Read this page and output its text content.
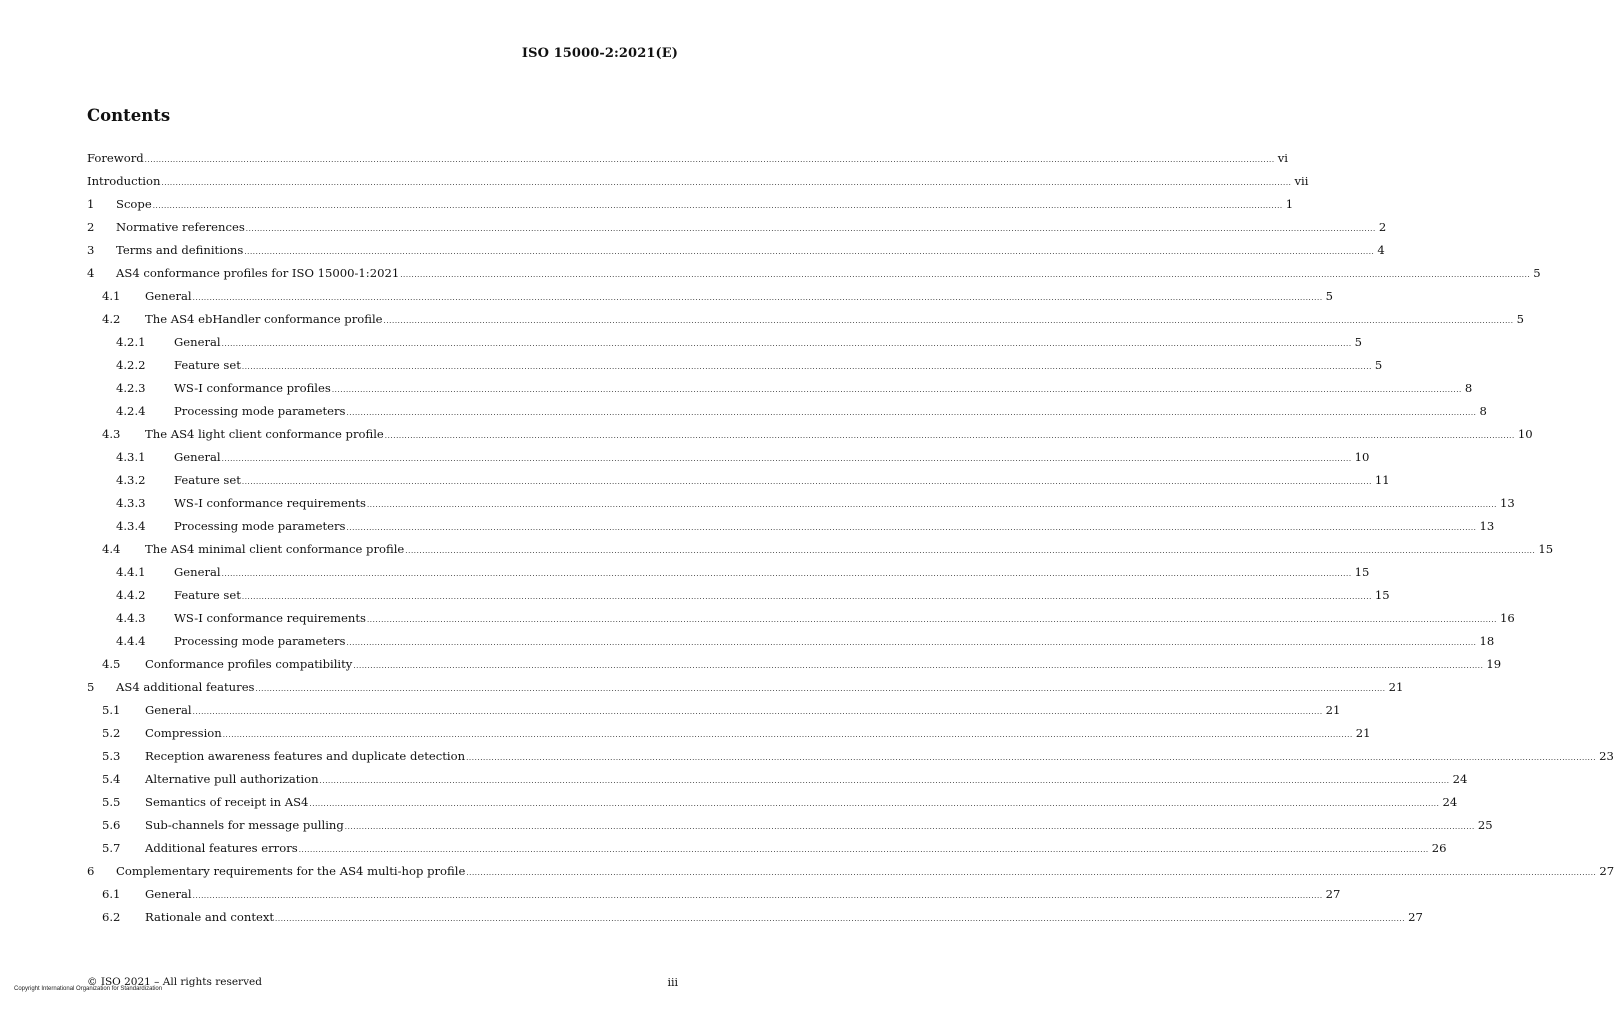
ISO 15000-2:2021(E)
Contents
Foreword ................................................................................................................................................................................................................................................................................................................................................................................................................ vi
Introduction ................................................................................................................................................................................................................................................................................................................................................................................................................ vii
1 Scope ................................................................................................................................................................................................................................................................................................................................................................................................................ 1
2 Normative references ................................................................................................................................................................................................................................................................................................................................................................................................................ 2
3 Terms and definitions ................................................................................................................................................................................................................................................................................................................................................................................................................ 4
4 AS4 conformance profiles for ISO 15000-1:2021 ................................................................................................................................................................................................................................................................................................................................................................................................................ 5
4.1 General ................................................................................................................................................................................................................................................................................................................................................................................................................ 5
4.2 The AS4 ebHandler conformance profile ................................................................................................................................................................................................................................................................................................................................................................................................................ 5
4.2.1 General ................................................................................................................................................................................................................................................................................................................................................................................................................ 5
4.2.2 Feature set ................................................................................................................................................................................................................................................................................................................................................................................................................ 5
4.2.3 WS-I conformance profiles ................................................................................................................................................................................................................................................................................................................................................................................................................ 8
4.2.4 Processing mode parameters ................................................................................................................................................................................................................................................................................................................................................................................................................ 8
4.3 The AS4 light client conformance profile ................................................................................................................................................................................................................................................................................................................................................................................................................ 10
4.3.1 General ................................................................................................................................................................................................................................................................................................................................................................................................................ 10
4.3.2 Feature set ................................................................................................................................................................................................................................................................................................................................................................................................................ 11
4.3.3 WS-I conformance requirements ................................................................................................................................................................................................................................................................................................................................................................................................................ 13
4.3.4 Processing mode parameters ................................................................................................................................................................................................................................................................................................................................................................................................................ 13
4.4 The AS4 minimal client conformance profile ................................................................................................................................................................................................................................................................................................................................................................................................................ 15
4.4.1 General ................................................................................................................................................................................................................................................................................................................................................................................................................ 15
4.4.2 Feature set ................................................................................................................................................................................................................................................................................................................................................................................................................ 15
4.4.3 WS-I conformance requirements ................................................................................................................................................................................................................................................................................................................................................................................................................ 16
4.4.4 Processing mode parameters ................................................................................................................................................................................................................................................................................................................................................................................................................ 18
4.5 Conformance profiles compatibility ................................................................................................................................................................................................................................................................................................................................................................................................................ 19
5 AS4 additional features ................................................................................................................................................................................................................................................................................................................................................................................................................ 21
5.1 General ................................................................................................................................................................................................................................................................................................................................................................................................................ 21
5.2 Compression ................................................................................................................................................................................................................................................................................................................................................................................................................ 21
5.3 Reception awareness features and duplicate detection ................................................................................................................................................................................................................................................................................................................................................................................................................ 23
5.4 Alternative pull authorization ................................................................................................................................................................................................................................................................................................................................................................................................................ 24
5.5 Semantics of receipt in AS4 ................................................................................................................................................................................................................................................................................................................................................................................................................ 24
5.6 Sub-channels for message pulling ................................................................................................................................................................................................................................................................................................................................................................................................................ 25
5.7 Additional features errors ................................................................................................................................................................................................................................................................................................................................................................................................................ 26
6 Complementary requirements for the AS4 multi-hop profile ................................................................................................................................................................................................................................................................................................................................................................................................................ 27
6.1 General ................................................................................................................................................................................................................................................................................................................................................................................................................ 27
6.2 Rationale and context ................................................................................................................................................................................................................................................................................................................................................................................................................ 27
© ISO 2021 – All rights reserved	iii
Copyright International Organization for Standardization
